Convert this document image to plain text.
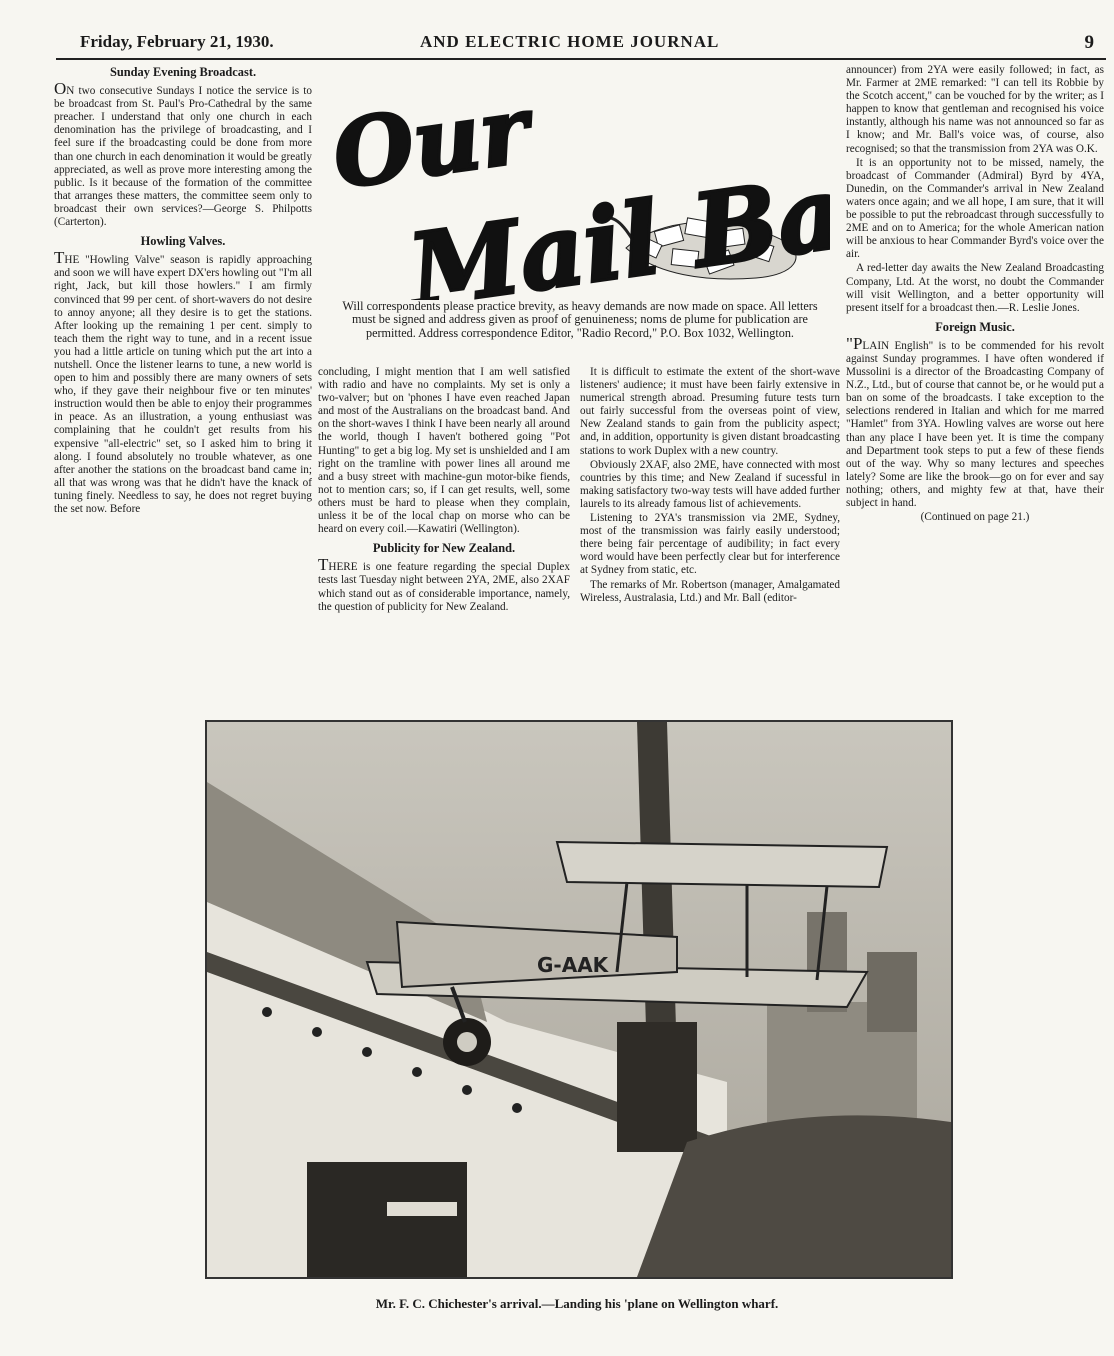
Friday, February 21, 1930.	AND ELECTRIC HOME JOURNAL	9
Sunday Evening Broadcast.

ON two consecutive Sundays I notice the service is to be broadcast from St. Paul's Pro-Cathedral by the same preacher. I understand that only one church in each denomination has the privilege of broadcasting, and I feel sure if the broadcasting could be done from more than one church in each denomination it would be greatly appreciated, as well as prove more interesting among the public. Is it because of the formation of the committee that arranges these matters, the committee seem only to broadcast their own services?—George S. Philpotts (Carterton).

Howling Valves.

THE "Howling Valve" season is rapidly approaching and soon we will have expert DX'ers howling out "I'm all right, Jack, but kill those howlers." I am firmly convinced that 99 per cent. of short-wavers do not desire to annoy anyone; all they desire is to get the stations. After looking up the remaining 1 per cent. simply to teach them the right way to tune, and in a recent issue you had a little article on tuning which put the art into a nutshell. Once the listener learns to tune, a new world is open to him and possibly there are many owners of sets who, if they gave their neighbour five or ten minutes' instruction would then be able to enjoy their programmes in peace. As an illustration, a young enthusiast was complaining that he couldn't get results from his expensive "all-electric" set, so I asked him to bring it along. I found absolutely no trouble whatever, as one after another the stations on the broadcast band came in; all that was wrong was that he didn't have the knack of tuning finely. Needless to say, he does not regret buying the set now. Before

Our
Mail Bag
Will correspondents please practice brevity, as heavy demands are now made on space. All letters must be signed and address given as proof of genuineness; noms de plume for publication are permitted. Address correspondence Editor, "Radio Record," P.O. Box 1032, Wellington.

concluding, I might mention that I am well satisfied with radio and have no complaints. My set is only a two-valver; but on 'phones I have even reached Japan and most of the Australians on the broadcast band. And on the short-waves I think I have been nearly all around the world, though I haven't bothered going "Pot Hunting" to get a big log. My set is unshielded and I am right on the tramline with power lines all around me and a busy street with machine-gun motor-bike fiends, not to mention cars; so, if I can get results, well, some others must be hard to please when they complain, unless it be of the local chap on morse who can be heard on every coil.—Kawatiri (Wellington).

Publicity for New Zealand.

THERE is one feature regarding the special Duplex tests last Tuesday night between 2YA, 2ME, also 2XAF which stand out as of considerable importance, namely, the question of publicity for New Zealand.

It is difficult to estimate the extent of the short-wave listeners' audience; it must have been fairly extensive in numerical strength abroad. Presuming future tests turn out fairly successful from the overseas point of view, New Zealand stands to gain from the publicity aspect; and, in addition, opportunity is given distant broadcasting stations to work Duplex with a new country.

Obviously 2XAF, also 2ME, have connected with most countries by this time; and New Zealand if sucessful in making satisfactory two-way tests will have added further laurels to its already famous list of achievements.

Listening to 2YA's transmission via 2ME, Sydney, most of the transmission was fairly easily understood; there being fair percentage of audibility; in fact every word would have been perfectly clear but for interference at Sydney from static, etc.

The remarks of Mr. Robertson (manager, Amalgamated Wireless, Australasia, Ltd.) and Mr. Ball (editor-

announcer) from 2YA were easily followed; in fact, as Mr. Farmer at 2ME remarked: "I can tell its Robbie by the Scotch accent," can be vouched for by the writer; as I happen to know that gentleman and recognised his voice instantly, although his name was not announced so far as I know; and Mr. Ball's voice was, of course, also recognised; so that the transmission from 2YA was O.K.

It is an opportunity not to be missed, namely, the broadcast of Commander (Admiral) Byrd by 4YA, Dunedin, on the Commander's arrival in New Zealand waters once again; and we all hope, I am sure, that it will be possible to put the rebroadcast through successfully to 2ME and on to America; for the whole American nation will be anxious to hear Commander Byrd's voice over the air.

A red-letter day awaits the New Zealand Broadcasting Company, Ltd. At the worst, no doubt the Commander will visit Wellington, and a better opportunity will present itself for a broadcast then.—R. Leslie Jones.

Foreign Music.

"PLAIN English" is to be commended for his revolt against Sunday programmes. I have often wondered if Mussolini is a director of the Broadcasting Company of N.Z., Ltd., but of course that cannot be, or he would put a ban on some of the broadcasts. I take exception to the selections rendered in Italian and which for me marred "Hamlet" from 3YA. Howling valves are worse out here than any place I have been yet. It is time the company and Department took steps to put a few of these fiends out of the way. Why so many lectures and speeches lately? Some are like the brook—go on for ever and say nothing; others, and mighty few at that, have their subject in hand.

(Continued on page 21.)

G-AAK
Mr. F. C. Chichester's arrival.—Landing his 'plane on Wellington wharf.
